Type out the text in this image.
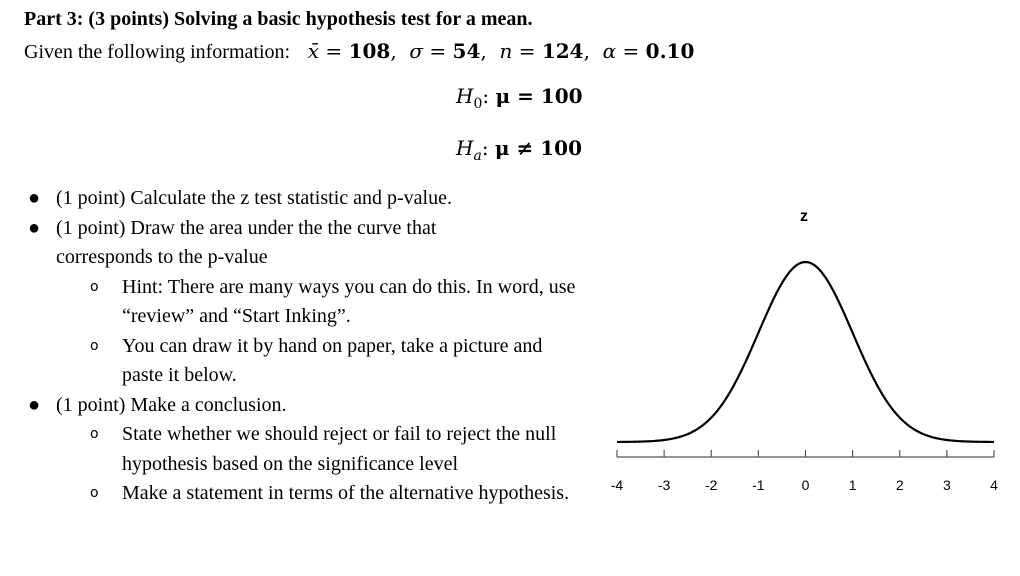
Part 3: (3 points) Solving a basic hypothesis test for a mean.
Given the following information: x̄ = 108,  σ = 54,  n = 124,  α = 0.10
$H_0$: μ = 100
$H_a$: μ ≠ 100
● (1 point) Calculate the z test statistic and p-value.
● (1 point) Draw the area under the the curve that corresponds to the p-value
o Hint: There are many ways you can do this. In word, use “review” and “Start Inking”.
o You can draw it by hand on paper, take a picture and paste it below.
● (1 point) Make a conclusion.
o State whether we should reject or fail to reject the null hypothesis based on the significance level
o Make a statement in terms of the alternative hypothesis.
z
-4 -3 -2 -1	0	1	2	3	4
